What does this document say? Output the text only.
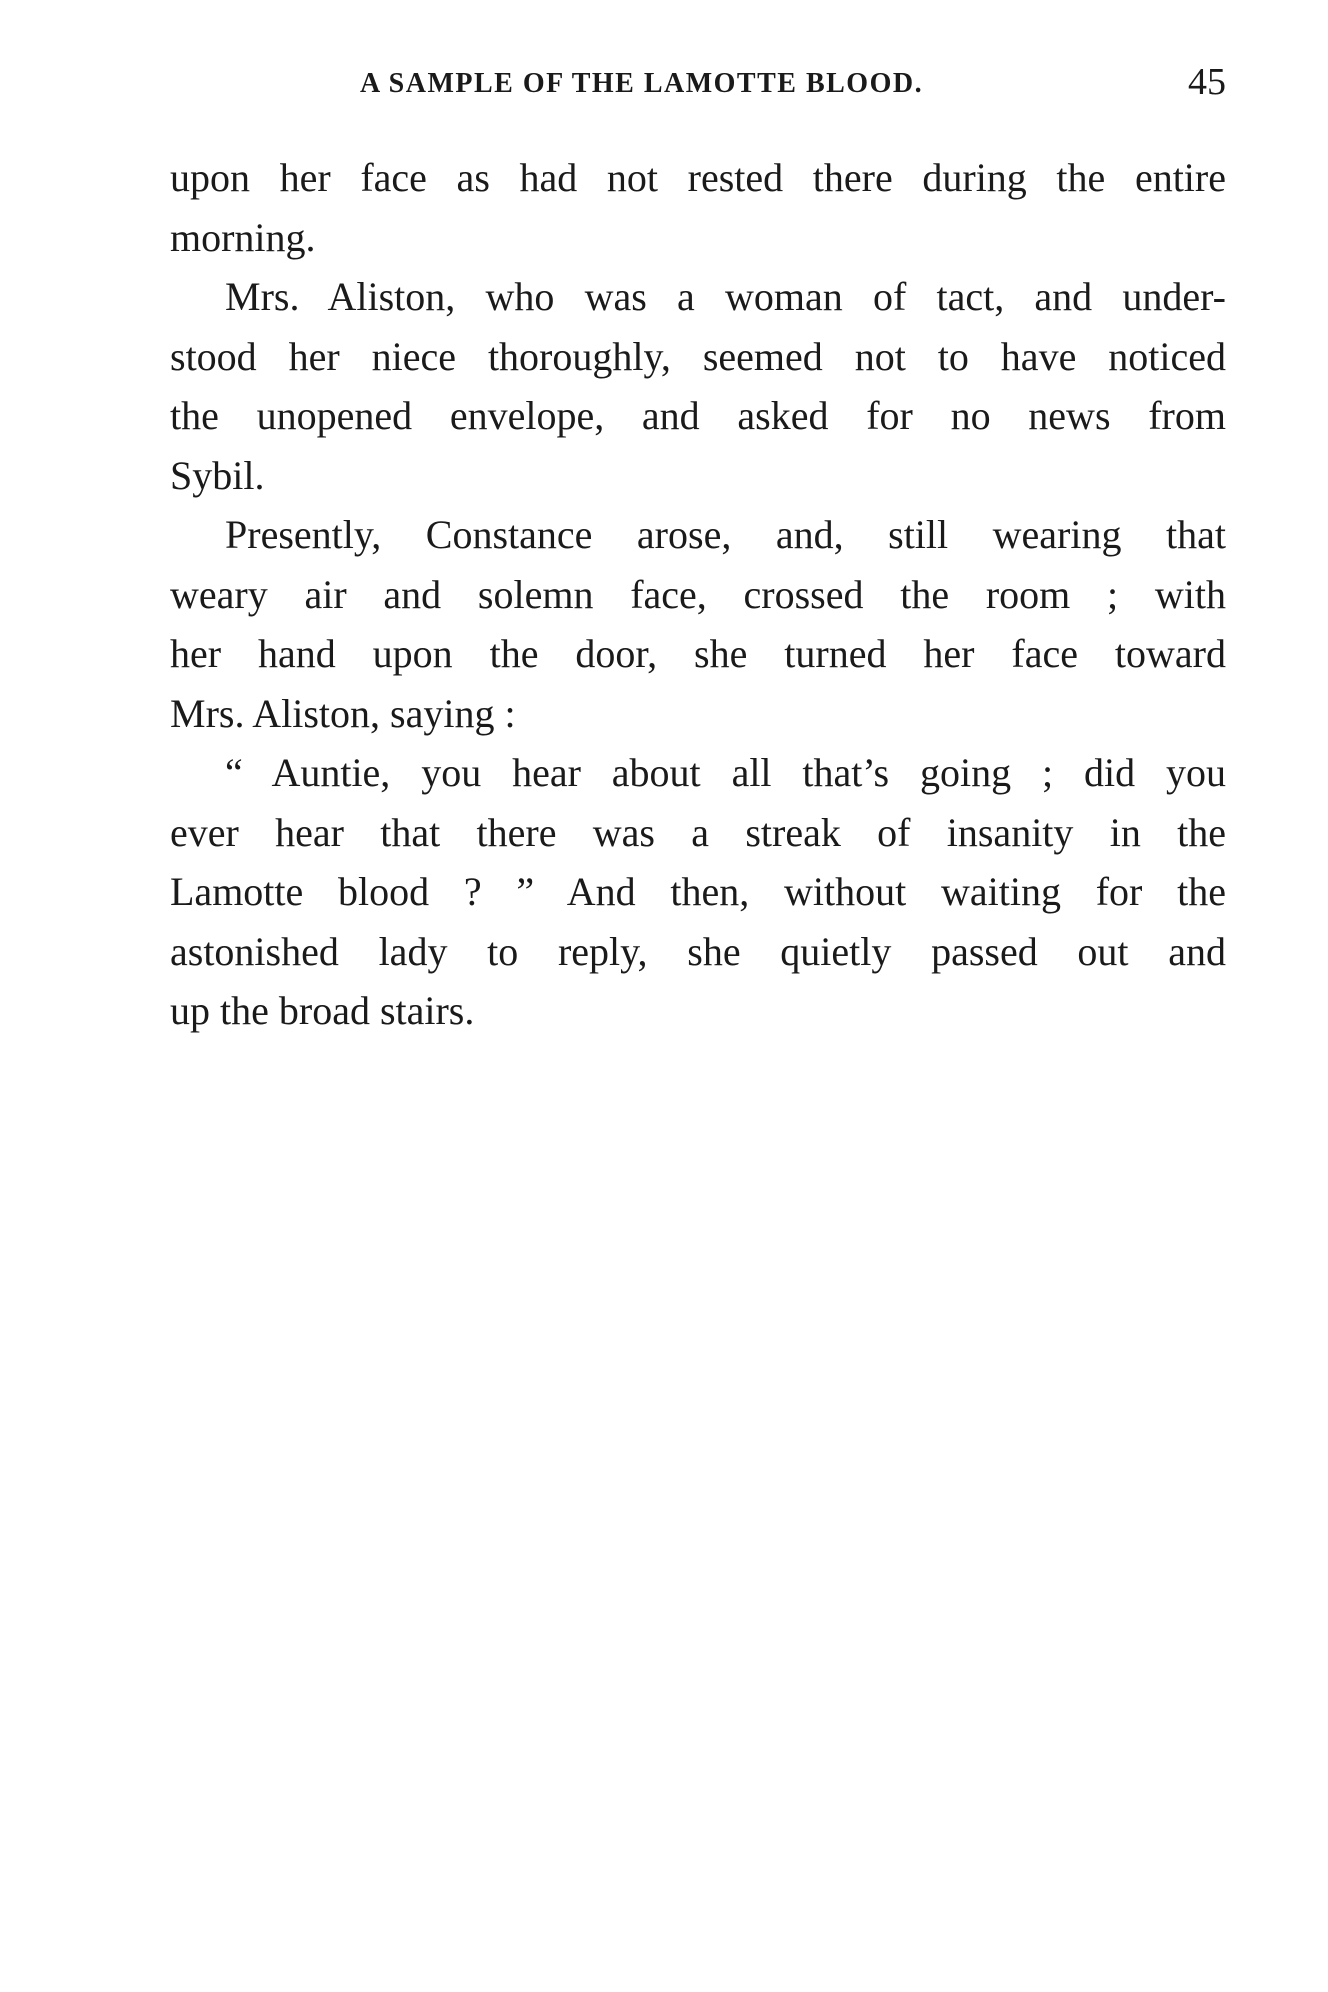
A SAMPLE OF THE LAMOTTE BLOOD.	45
upon her face as had not rested there during the entire
morning.
Mrs. Aliston, who was a woman of tact, and under-
stood her niece thoroughly, seemed not to have noticed
the unopened envelope, and asked for no news from
Sybil.
Presently, Constance arose, and, still wearing that
weary air and solemn face, crossed the room ; with
her hand upon the door, she turned her face toward
Mrs. Aliston, saying :
“ Auntie, you hear about all that’s going ; did you
ever hear that there was a streak of insanity in the
Lamotte blood ? ” And then, without waiting for the
astonished lady to reply, she quietly passed out and
up the broad stairs.
